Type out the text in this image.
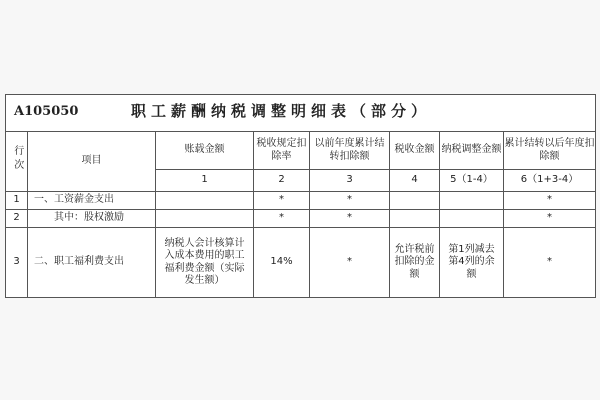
A105050 职工薪酬纳税调整明细表（部分）							

行次	项目	账载金额	税收规定扣除率	以前年度累计结转扣除额	税收金额	纳税调整金额	累计结转以后年度扣除额
		1	2	3	4	5（1-4）	6（1+3-4）
1	一、工资薪金支出		*	*			*
2	其中：股权激励		*	*			*
3	二、职工福利费支出	纳税人会计核算计入成本费用的职工福利费金额（实际发生额）	14%	*	允许税前扣除的金额	第1列减去第4列的余额	*
